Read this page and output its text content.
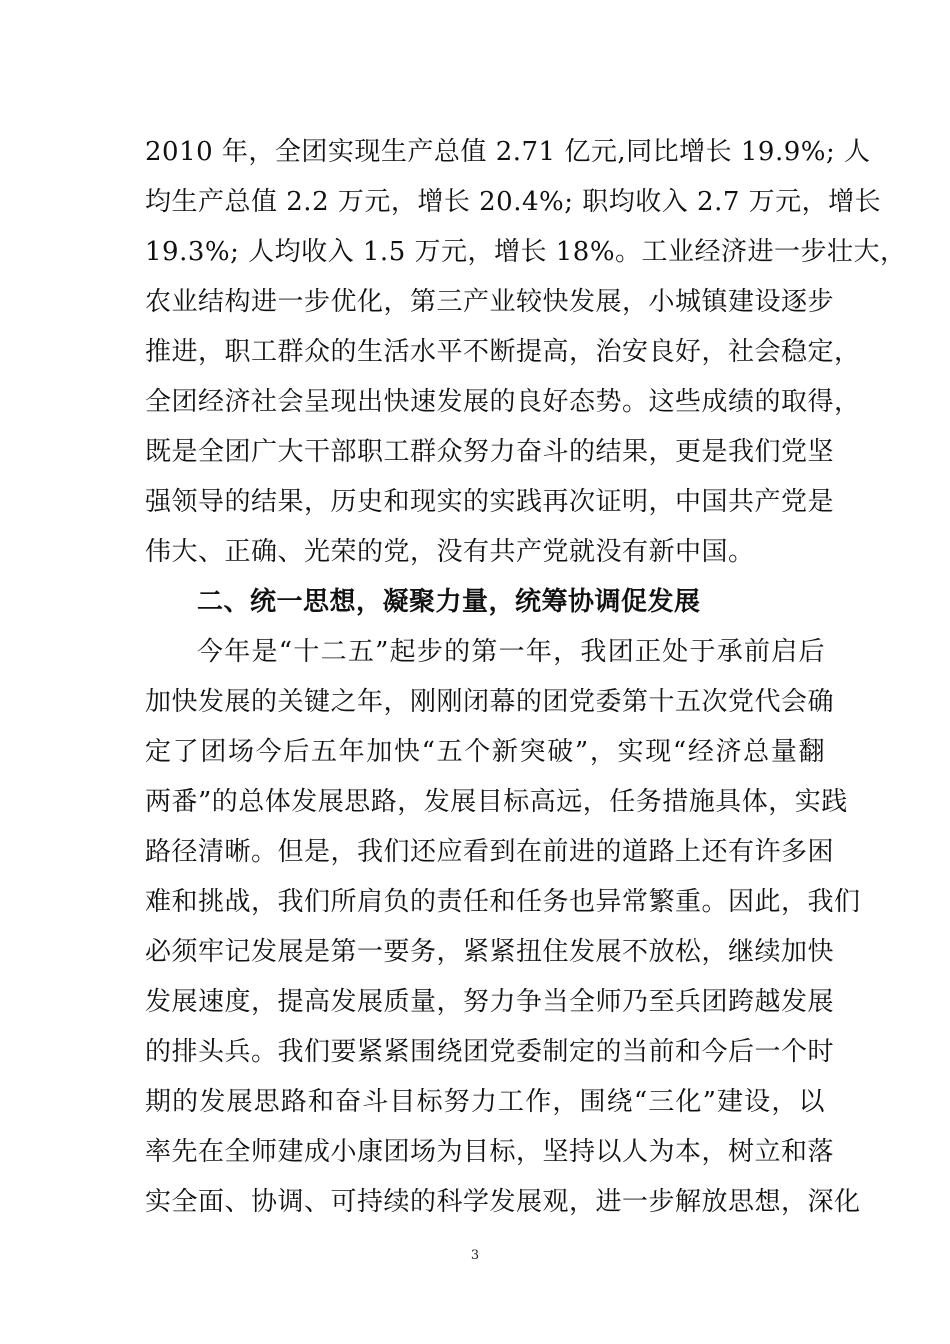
2010 年，全团实现生产总值 2.71 亿元,同比增长 19.9%; 人
均生产总值 2.2 万元，增长 20.4%; 职均收入 2.7 万元，增长
19.3%; 人均收入 1.5 万元，增长 18%。工业经济进一步壮大，
农业结构进一步优化，第三产业较快发展，小城镇建设逐步
推进，职工群众的生活水平不断提高，治安良好，社会稳定，
全团经济社会呈现出快速发展的良好态势。这些成绩的取得，
既是全团广大干部职工群众努力奋斗的结果，更是我们党坚
强领导的结果，历史和现实的实践再次证明，中国共产党是
伟大、正确、光荣的党，没有共产党就没有新中国。
二、统一思想，凝聚力量，统筹协调促发展
今年是“十二五”起步的第一年，我团正处于承前启后
加快发展的关键之年，刚刚闭幕的团党委第十五次党代会确
定了团场今后五年加快“五个新突破”，实现“经济总量翻
两番”的总体发展思路，发展目标高远，任务措施具体，实践
路径清晰。但是，我们还应看到在前进的道路上还有许多困
难和挑战，我们所肩负的责任和任务也异常繁重。因此，我们
必须牢记发展是第一要务，紧紧扭住发展不放松，继续加快
发展速度，提高发展质量，努力争当全师乃至兵团跨越发展
的排头兵。我们要紧紧围绕团党委制定的当前和今后一个时
期的发展思路和奋斗目标努力工作，围绕“三化”建设，以
率先在全师建成小康团场为目标，坚持以人为本，树立和落
实全面、协调、可持续的科学发展观，进一步解放思想，深化
3
